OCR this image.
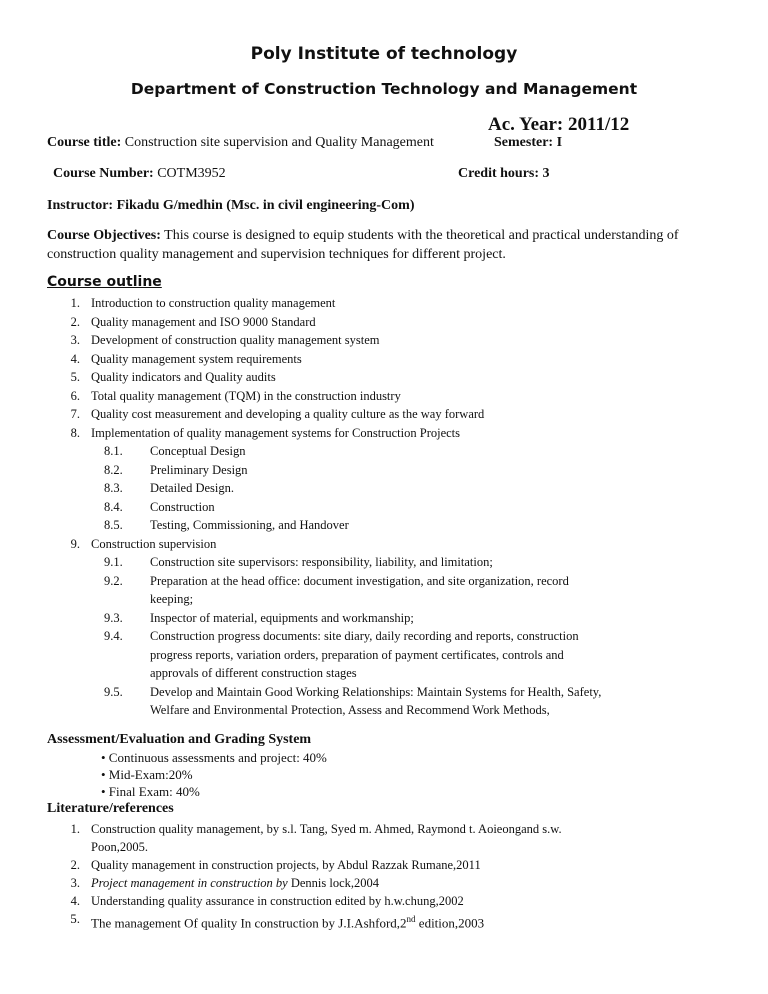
Poly Institute of technology
Department of Construction Technology and Management
Ac. Year: 2011/12
Course title: Construction site supervision and Quality Management	Semester: I
Course Number: COTM3952	Credit hours: 3
Instructor: Fikadu G/medhin (Msc. in civil engineering-Com)
Course Objectives: This course is designed to equip students with the theoretical and practical understanding of construction quality management and supervision techniques for different project.
Course outline
1. Introduction to construction quality management
2. Quality management and ISO 9000 Standard
3. Development of construction quality management system
4. Quality management system requirements
5. Quality indicators and Quality audits
6. Total quality management (TQM) in the construction industry
7. Quality cost measurement and developing a quality culture as the way forward
8. Implementation of quality management systems for Construction Projects
8.1. Conceptual Design
8.2. Preliminary Design
8.3. Detailed Design.
8.4. Construction
8.5. Testing, Commissioning, and Handover
9. Construction supervision
9.1. Construction site supervisors: responsibility, liability, and limitation;
9.2. Preparation at the head office: document investigation, and site organization, record
keeping;
9.3. Inspector of material, equipments and workmanship;
9.4. Construction progress documents: site diary, daily recording and reports, construction
progress reports, variation orders, preparation of payment certificates, controls and
approvals of different construction stages
9.5. Develop and Maintain Good Working Relationships: Maintain Systems for Health, Safety,
Welfare and Environmental Protection, Assess and Recommend Work Methods,
Assessment/Evaluation and Grading System
• Continuous assessments and project: 40%
• Mid-Exam:20%
• Final Exam: 40%
Literature/references
1. Construction quality management, by s.l. Tang, Syed m. Ahmed, Raymond t. Aoieongand s.w.
Poon,2005.
2. Quality management in construction projects, by Abdul Razzak Rumane,2011
3. Project management in construction by Dennis lock,2004
4. Understanding quality assurance in construction edited by h.w.chung,2002
5. The management Of quality In construction by J.I.Ashford,2nd edition,2003
